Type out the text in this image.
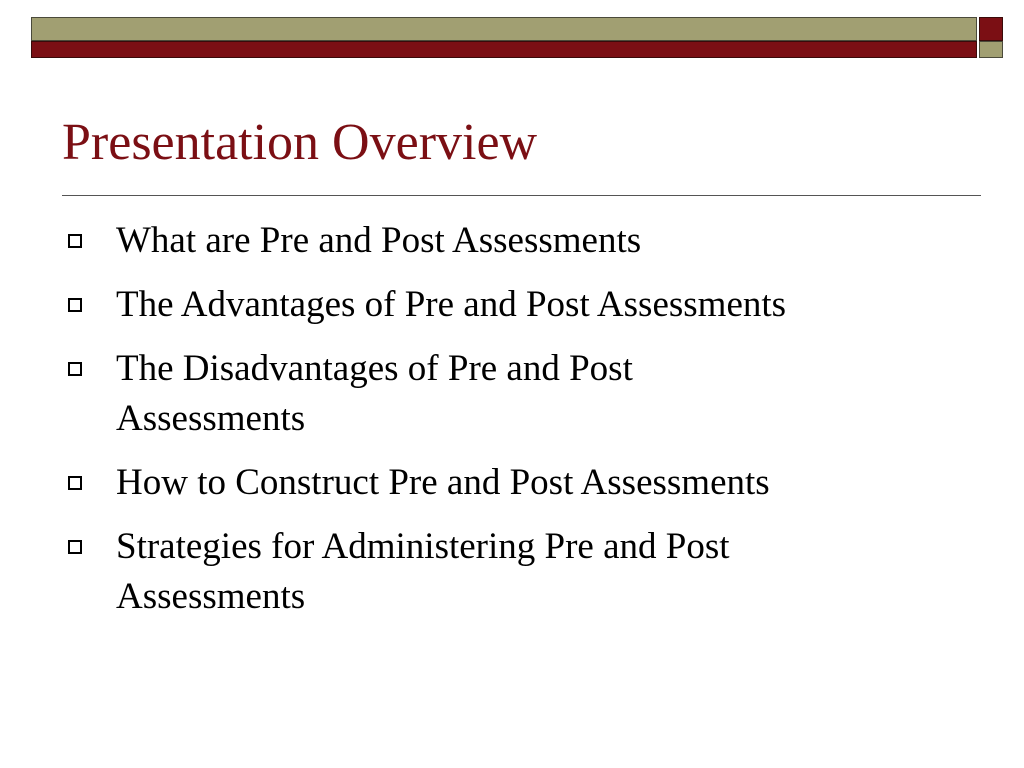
Presentation Overview
What are Pre and Post Assessments
The Advantages of Pre and Post Assessments
The Disadvantages of Pre and Post Assessments
How to Construct Pre and Post Assessments
Strategies for Administering Pre and Post Assessments
